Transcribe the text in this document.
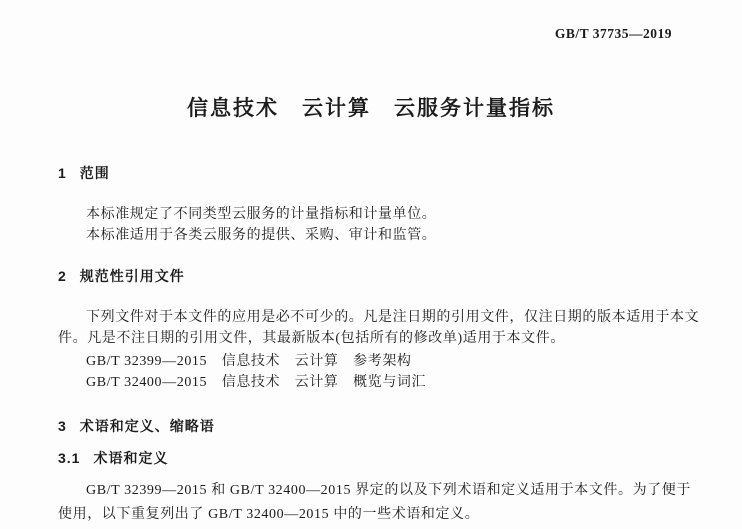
GB/T 37735—2019
信息技术　云计算　云服务计量指标
1 范围
本标准规定了不同类型云服务的计量指标和计量单位。
本标准适用于各类云服务的提供、采购、审计和监管。
2 规范性引用文件
下列文件对于本文件的应用是必不可少的。凡是注日期的引用文件，仅注日期的版本适用于本文
件。凡是不注日期的引用文件，其最新版本(包括所有的修改单)适用于本文件。
GB/T 32399—2015　信息技术　云计算　参考架构
GB/T 32400—2015　信息技术　云计算　概览与词汇
3 术语和定义、缩略语
3.1 术语和定义
GB/T 32399—2015 和 GB/T 32400—2015 界定的以及下列术语和定义适用于本文件。为了便于
使用，以下重复列出了 GB/T 32400—2015 中的一些术语和定义。
